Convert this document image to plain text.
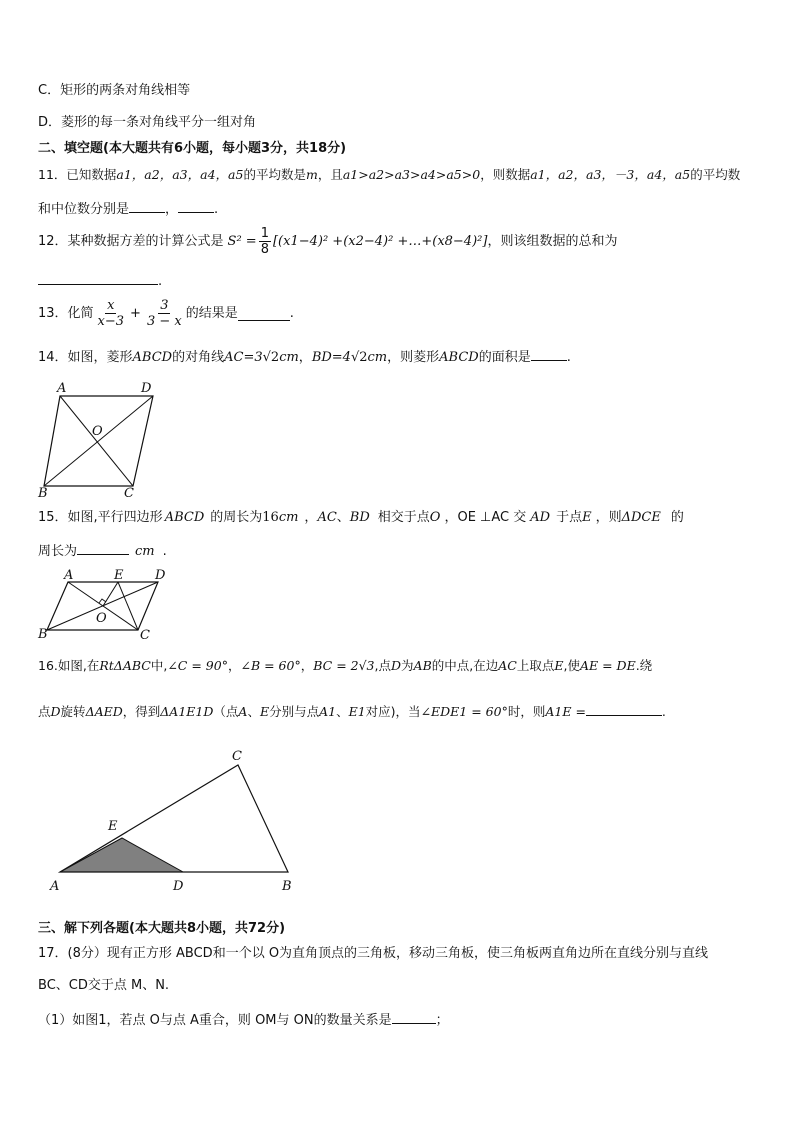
C．矩形的两条对角线相等
D．菱形的每一条对角线平分一组对角
二、填空题(本大题共有6小题，每小题3分，共18分)
11．已知数据a1，a2，a3，a4，a5的平均数是m，且a1>a2>a3>a4>a5>0，则数据a1，a2，a3，－3，a4，a5的平均数
和中位数分别是	，	.
12．某种数据方差的计算公式是 $S^2 = \frac{1}{8} [(x1-4)^2 +(x2-4)^2$ +…+(x8−4)²] ，则该组数据的总和为
.
13．化简 $\frac{x}{x-3} + \frac{3}{3 - x}$ 的结果是	.
14．如图，菱形ABCD的对角线AC=3√2cm，BD=4√2cm，则菱形ABCD的面积是	.
A	D
B	C
O
15．如图,平行四边形 ABCD 的周长为16cm ，AC、BD 相交于点O ，OE ⊥AC 交 AD 于点E ，则ΔDCE 的
周长为	cm .
A	E D
B	C
O
16.如图,在RtΔABC中,∠C = 90°，∠B = 60°，BC = 2√3,点D为AB的中点,在边AC上取点E,使AE = DE.绕
点D旋转ΔAED，得到ΔA1E1D（点A、E分别与点A1、E1对应)，当∠EDE1 = 60°时，则A1E =	.
A	D	B
C
E
三、解下列各题(本大题共8小题，共72分)
17．(8分）现有正方形 ABCD和一个以 O为直角顶点的三角板，移动三角板，使三角板两直角边所在直线分别与直线
BC、CD交于点 M、N.
（1）如图1，若点 O与点 A重合，则 OM与 ON的数量关系是	；
